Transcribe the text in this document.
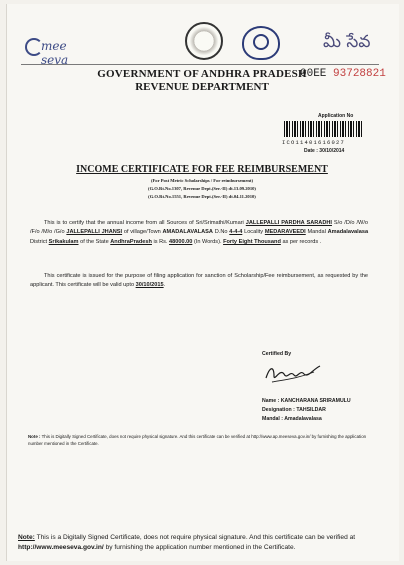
mee seva
మీ సేవ
GOVERNMENT OF ANDHRA PRADESH
REVENUE DEPARTMENT
00EE 93728821
Application No
ICO11401616027
Date : 30/10/2014
INCOME CERTIFICATE FOR FEE REIMBURSEMENT
(For Post Metric Scholarships / For reimbursement)
(G.O.Rt.No.1307, Revenue Dept.(Ser.-II) dt.13.09.2010)
(G.O.Rt.No.1551, Revenue Dept.(Ser.-II) dt.04.11.2010)
This is to certify that the annual income from all Sources of Sri/Srimathi/Kumari JALLEPALLI PARDHA SARADHI S/o /D/o /W/o /F/o /M/o /G/o JALLEPALLI JHANSI of village/Town AMADALAVALASA D.No 4-4-4 Locality MEDARAVEEDI Mandal Amadalavalasa District Srikakulam of the State AndhraPradesh is Rs. 48000.00 (In Words). Forty Eight Thousand as per records .
This certificate is issued for the purpose of filing application for sanction of Scholarship/Fee reimbursement, as requested by the applicant. This certificate will be valid upto 30/10/2015.
Certified By
Name : KANCHARANA SRIRAMULU
Designation : TAHSILDAR
Mandal : Amadalavalasa
Note : This is Digitally Signed Certificate, does not require physical signature. And this certificate can be verified at http://www.ap.meeseva.gov.in/ by furnishing the application number mentioned in the Certificate.
Note: This is a Digitally Signed Certificate, does not require physical signature. And this certificate can be verified at http://www.meeseva.gov.in/ by furnishing the application number mentioned in the Certificate.
